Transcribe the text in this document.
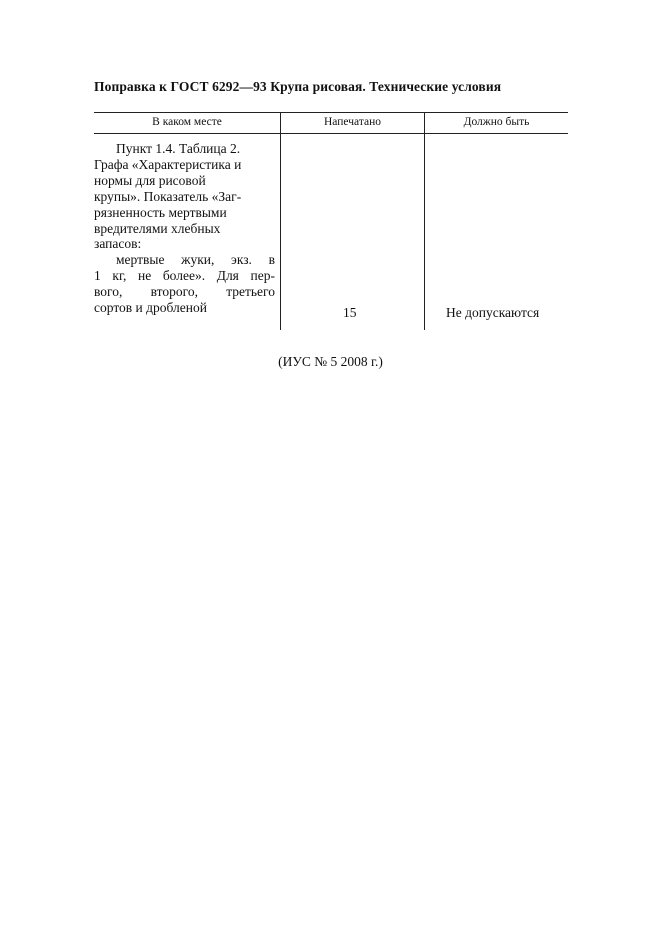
Поправка к ГОСТ 6292—93 Крупа рисовая. Технические условия
В каком месте	Напечатано	Должно быть

Пункт 1.4. Таблица 2.

Графа «Характеристика и

нормы для рисовой

крупы». Показатель «Заг-

рязненность мертвыми

вредителями хлебных

запасов:

мертвые жуки, экз. в

1 кг, не более». Для пер-

вого, второго, третьего

сортов и дробленой	15	Не допускаются
(ИУС № 5 2008 г.)
